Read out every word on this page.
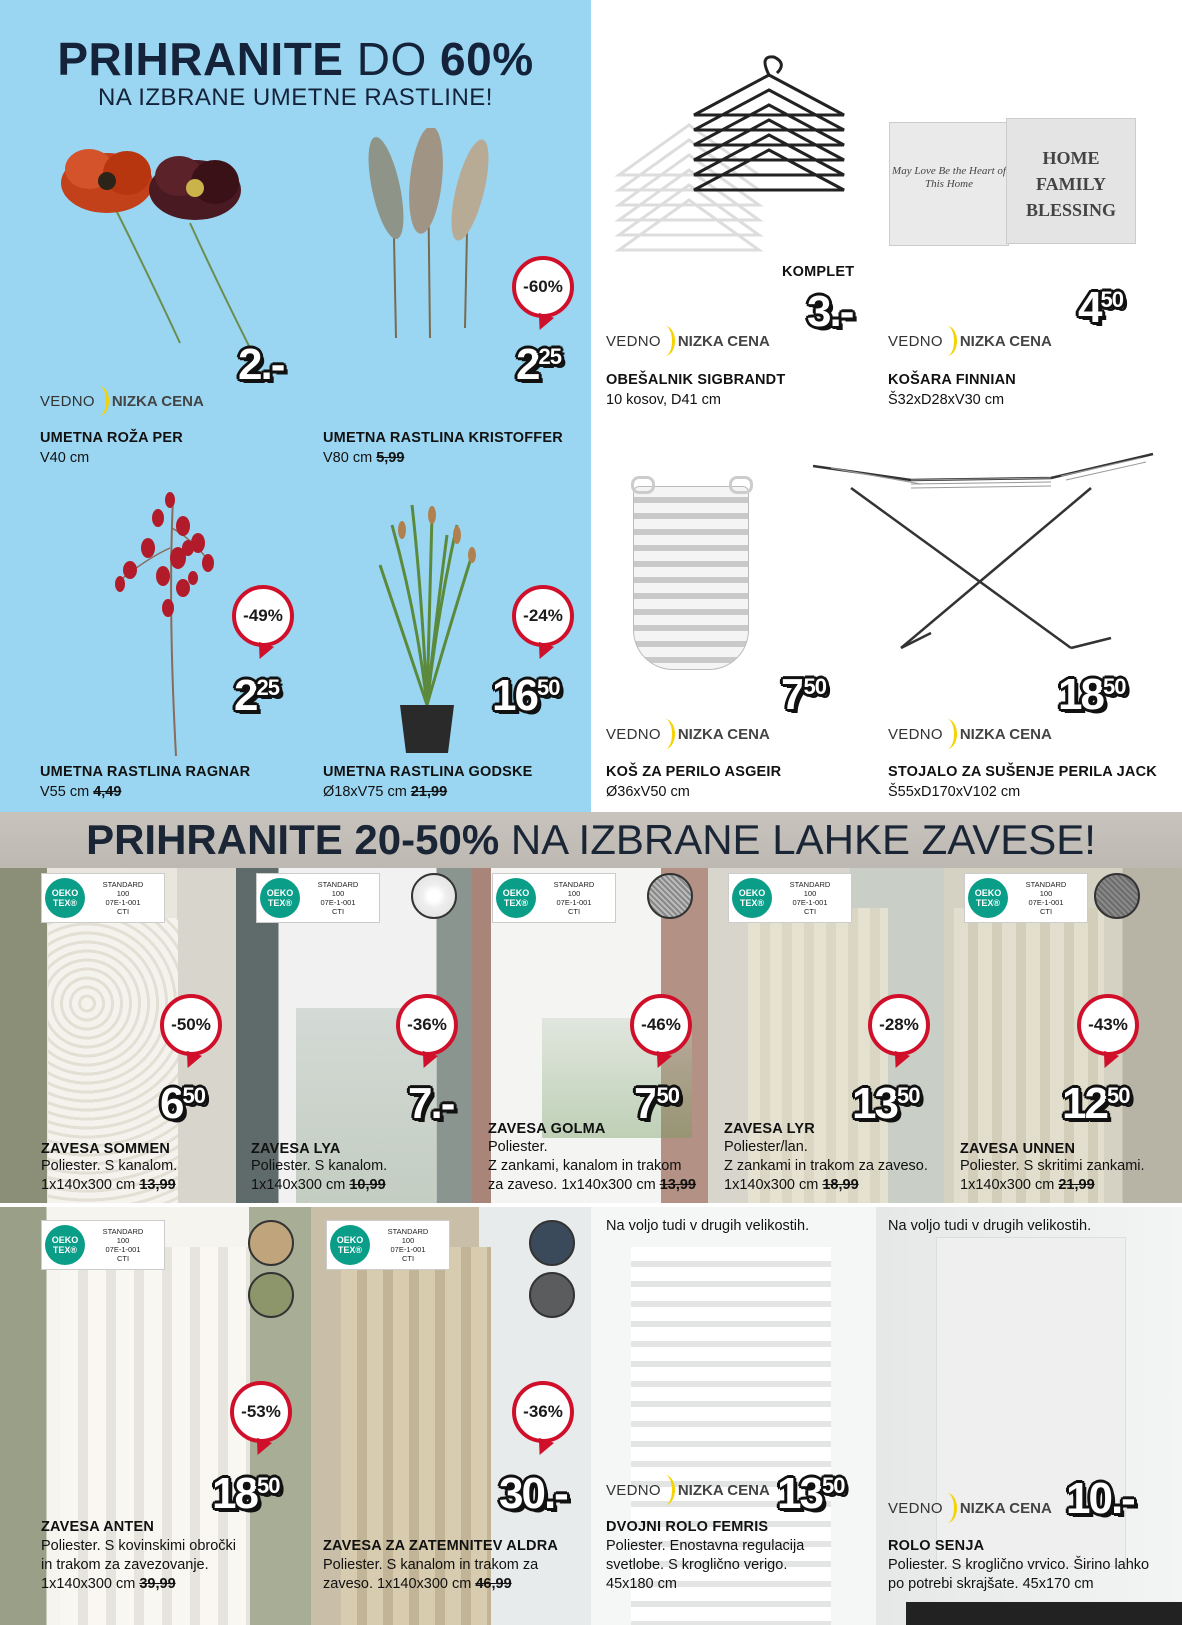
PRIHRANITE DO 60%
NA IZBRANE UMETNE RASTLINE!
2.-
VEDNO NIZKA CENA
UMETNA ROŽA PER
V40 cm
-60%
225
UMETNA RASTLINA KRISTOFFER
V80 cm 5,99
-49%
225
UMETNA RASTLINA RAGNAR
V55 cm 4,49
-24%
1650
UMETNA RASTLINA GODSKE
Ø18xV75 cm 21,99
KOMPLET
3.-
VEDNO NIZKA CENA
OBEŠALNIK SIGBRANDT
10 kosov, D41 cm
May Love Be the Heart of This Home
HOME FAMILY BLESSING
450
VEDNO NIZKA CENA
KOŠARA FINNIAN
Š32xD28xV30 cm
750
VEDNO NIZKA CENA
KOŠ ZA PERILO ASGEIR
Ø36xV50 cm
1850
VEDNO NIZKA CENA
STOJALO ZA SUŠENJE PERILA JACK
Š55xD170xV102 cm
PRIHRANITE 20-50% NA IZBRANE LAHKE ZAVESE!
OEKO TEX®
STANDARD
100
07E-1-001
CTI
-50%
650
ZAVESA SOMMEN
Poliester. S kanalom.
1x140x300 cm 13,99
OEKO TEX®
STANDARD
100
07E-1-001
CTI
-36%
7.-
ZAVESA LYA
Poliester. S kanalom.
1x140x300 cm 10,99
OEKO TEX®
STANDARD
100
07E-1-001
CTI
-46%
750
ZAVESA GOLMA
Poliester.
Z zankami, kanalom in trakom
za zaveso. 1x140x300 cm 13,99
OEKO TEX®
STANDARD
100
07E-1-001
CTI
-28%
1350
ZAVESA LYR
Poliester/lan.
Z zankami in trakom za zaveso.
1x140x300 cm 18,99
OEKO TEX®
STANDARD
100
07E-1-001
CTI
-43%
1250
ZAVESA UNNEN
Poliester. S skritimi zankami.
1x140x300 cm 21,99
OEKO TEX®
STANDARD
100
07E-1-001
CTI
-53%
1850
ZAVESA ANTEN
Poliester. S kovinskimi obročki
in trakom za zavezovanje.
1x140x300 cm 39,99
OEKO TEX®
STANDARD
100
07E-1-001
CTI
-36%
30.-
ZAVESA ZA ZATEMNITEV ALDRA
Poliester. S kanalom in trakom za
zaveso. 1x140x300 cm 46,99
Na voljo tudi v drugih velikostih.
VEDNO NIZKA CENA 1350
DVOJNI ROLO FEMRIS
Poliester. Enostavna regulacija
svetlobe. S kroglično verigo.
45x180 cm
Na voljo tudi v drugih velikostih.
VEDNO NIZKA CENA 10.-
ROLO SENJA
Poliester. S kroglično vrvico. Širino lahko
po potrebi skrajšate. 45x170 cm
